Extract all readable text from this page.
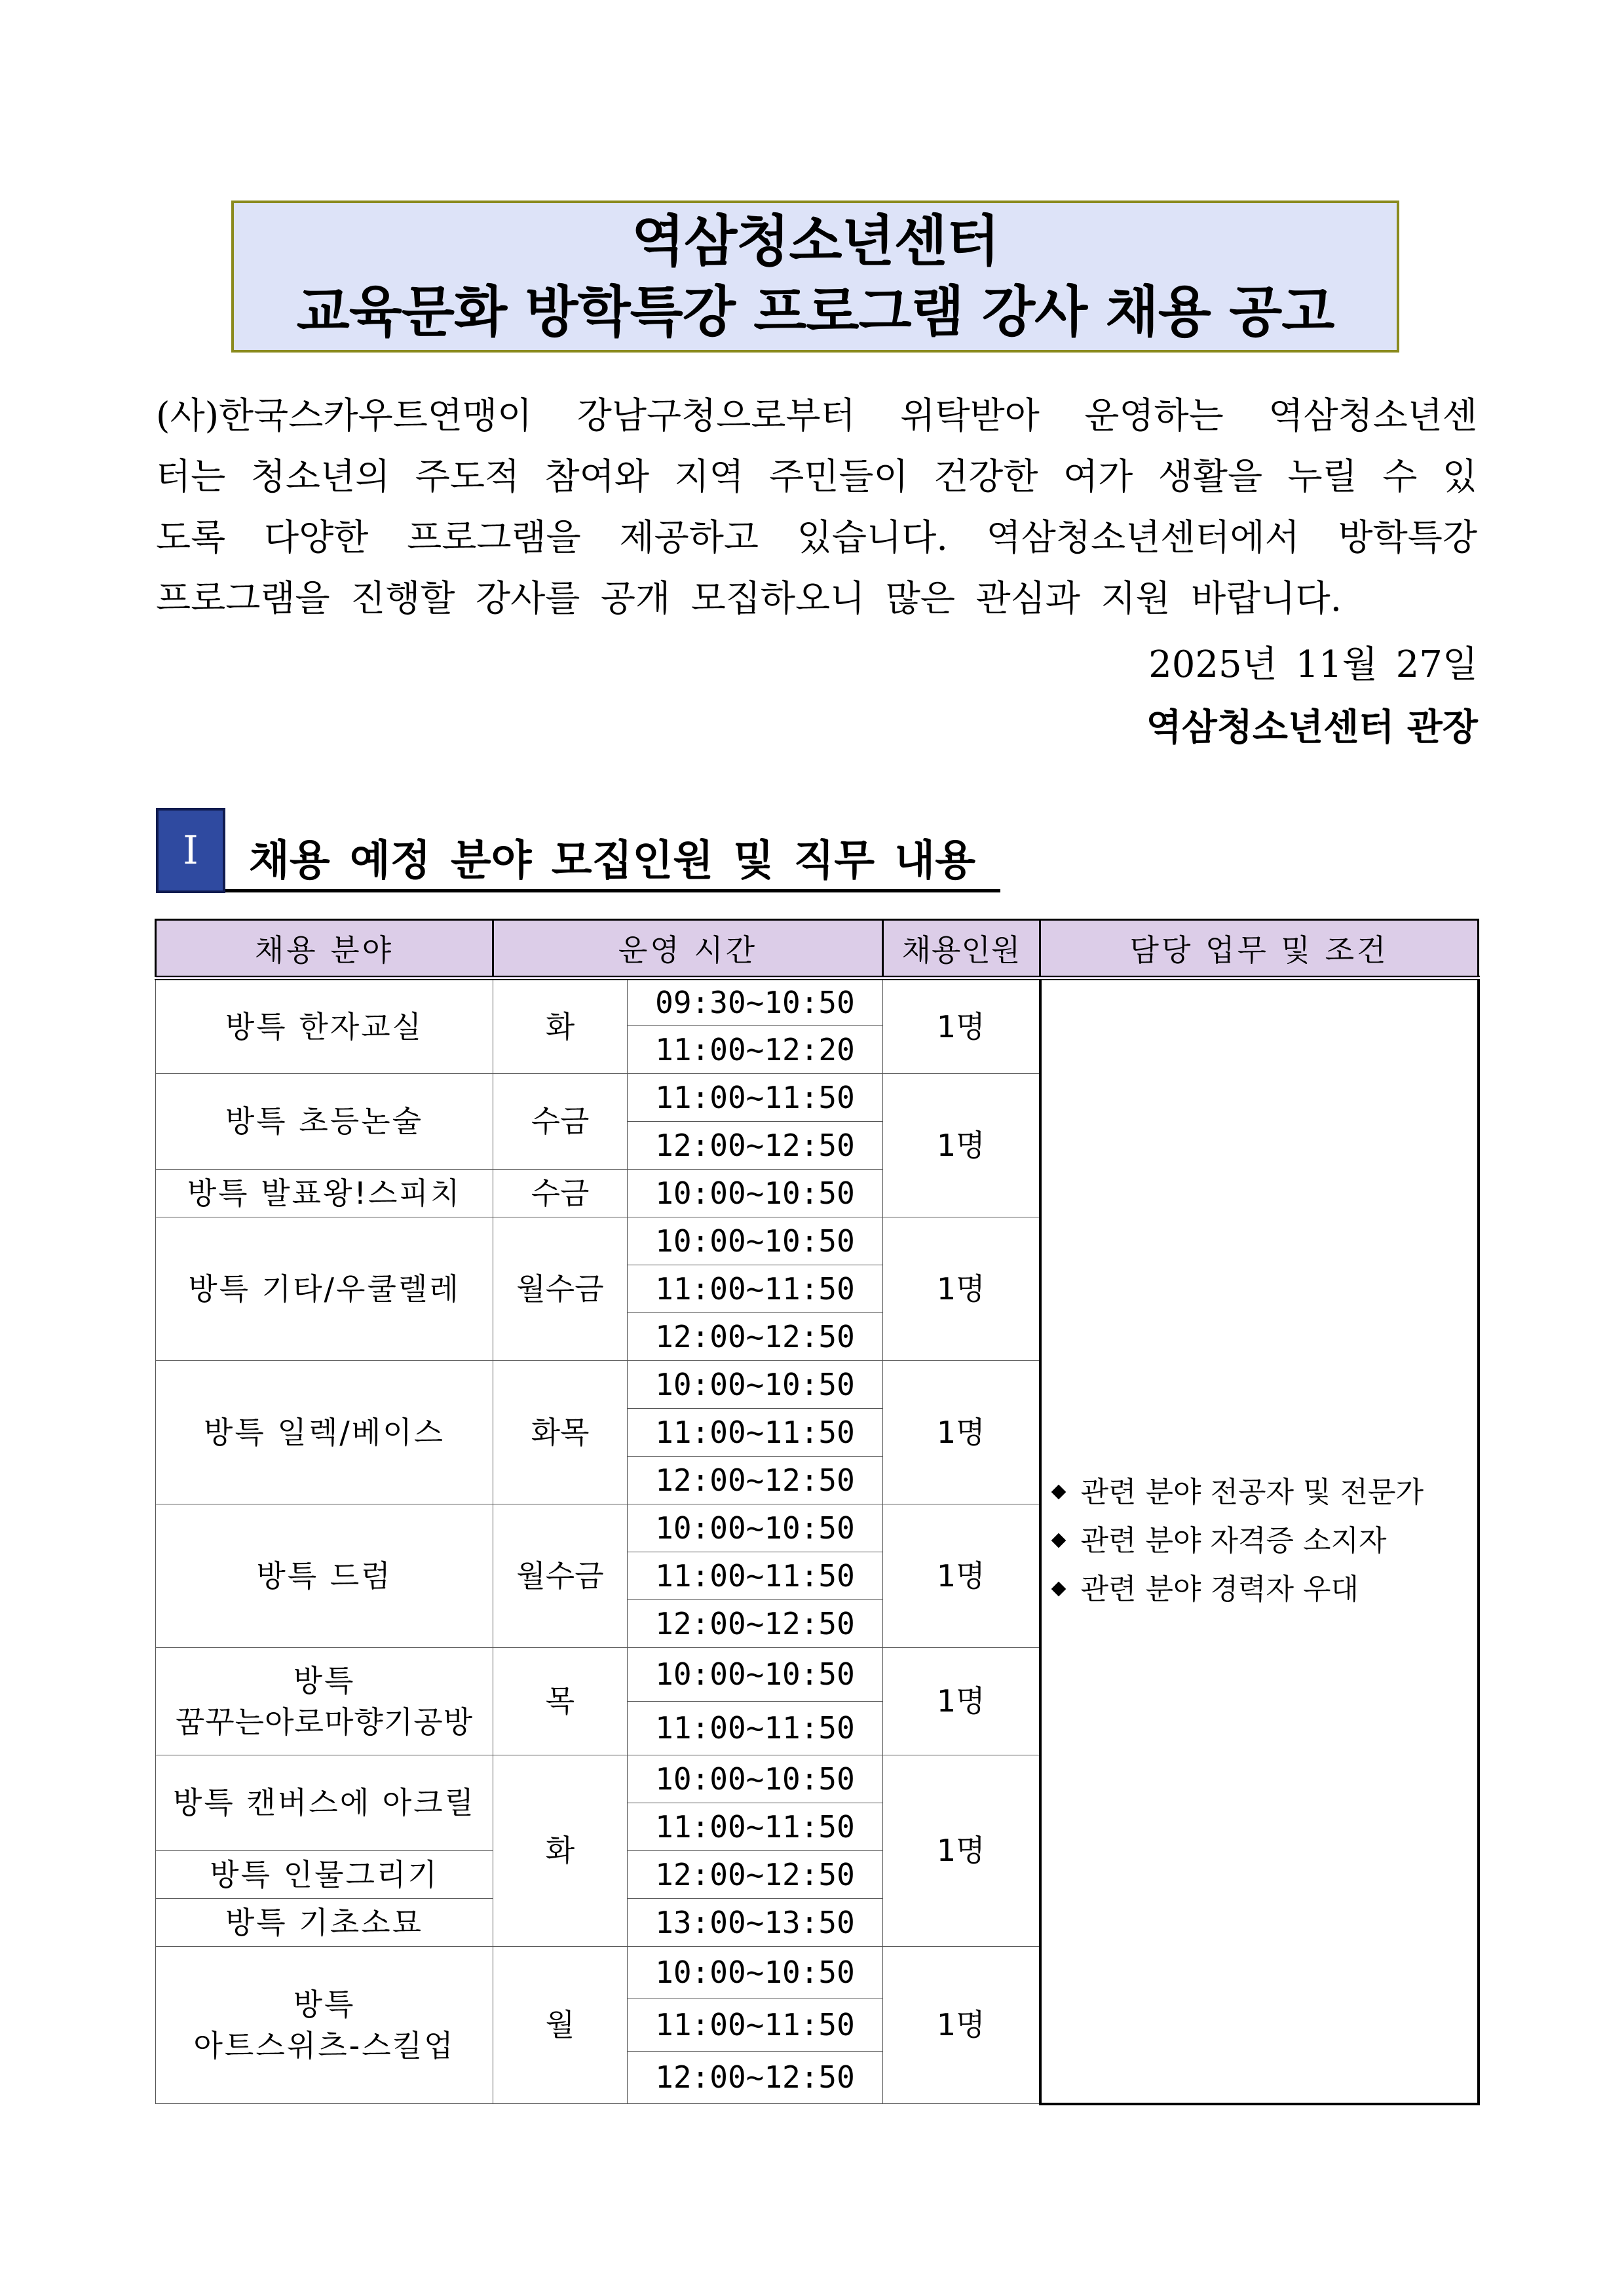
역삼청소년센터
교육문화 방학특강 프로그램 강사 채용 공고
(사)한국스카우트연맹이 강남구청으로부터 위탁받아 운영하는 역삼청소년센
터는 청소년의 주도적 참여와 지역 주민들이 건강한 여가 생활을 누릴 수 있
도록 다양한 프로그램을 제공하고 있습니다. 역삼청소년센터에서 방학특강
프로그램을 진행할 강사를 공개 모집하오니 많은 관심과 지원 바랍니다.
2025년 11월 27일
역삼청소년센터 관장
Ⅰ	채용 예정 분야 모집인원 및 직무 내용
채용 분야	운영 시간		채용인원	담당 업무 및 조건
방특 한자교실	화	09:30~10:50	1명	관련 분야 전공자 및 전문가
관련 분야 자격증 소지자
관련 분야 경력자 우대

		11:00~12:20		
방특 초등논술	수금	11:00~11:50	1명	
		12:00~12:50		
방특 발표왕!스피치	수금	10:00~10:50		
방특 기타/우쿨렐레	월수금	10:00~10:50	1명	
		11:00~11:50		
		12:00~12:50		
방특 일렉/베이스	화목	10:00~10:50	1명	
		11:00~11:50		
		12:00~12:50		
방특 드럼	월수금	10:00~10:50	1명	
		11:00~11:50		
		12:00~12:50		

방특
꿈꾸는아로마향기공방	목	10:00~10:50	1명	
		11:00~11:50		
방특 캔버스에 아크릴	화	10:00~10:50	1명	
		11:00~11:50		
방특 인물그리기		12:00~12:50		
방특 기초소묘		13:00~13:50		

방특
아트스위츠-스킬업	월	10:00~10:50	1명	
		11:00~11:50		
		12:00~12:50		
